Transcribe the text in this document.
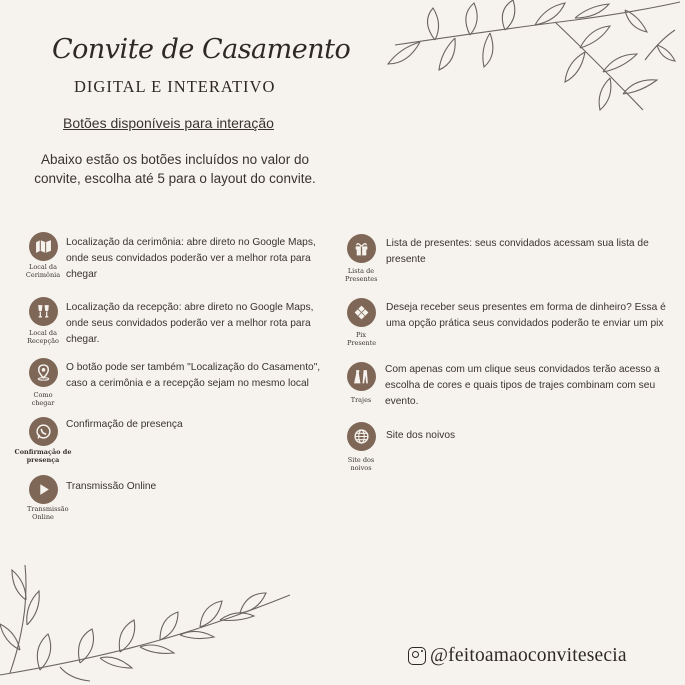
Convite de Casamento
DIGITAL E INTERATIVO
Botões disponíveis para interação
Abaixo estão os botões incluídos no valor do convite, escolha até 5 para o layout do convite.
Local da Cerimônia
Localização da cerimônia: abre direto no Google Maps, onde seus convidados poderão ver a melhor rota para chegar
Local da Recepção
Localização da recepção: abre direto no Google Maps, onde seus convidados poderão ver a melhor rota para chegar.
Como chegar
O botão pode ser também "Localização do Casamento", caso a cerimônia e a recepção sejam no mesmo local
Confirmação de presença
Confirmação de presença
Transmissão Online
Transmissão Online
Lista de Presentes
Lista de presentes: seus convidados acessam sua lista de presente
Pix Presente
Deseja receber seus presentes em forma de dinheiro? Essa é uma opção prática seus convidados poderão te enviar um pix
Trajes
Com apenas com um clique seus convidados terão acesso a escolha de cores e quais tipos de trajes combinam com seu evento.
Site dos noivos
Site dos noivos
@feitoamaoconvitesecia
